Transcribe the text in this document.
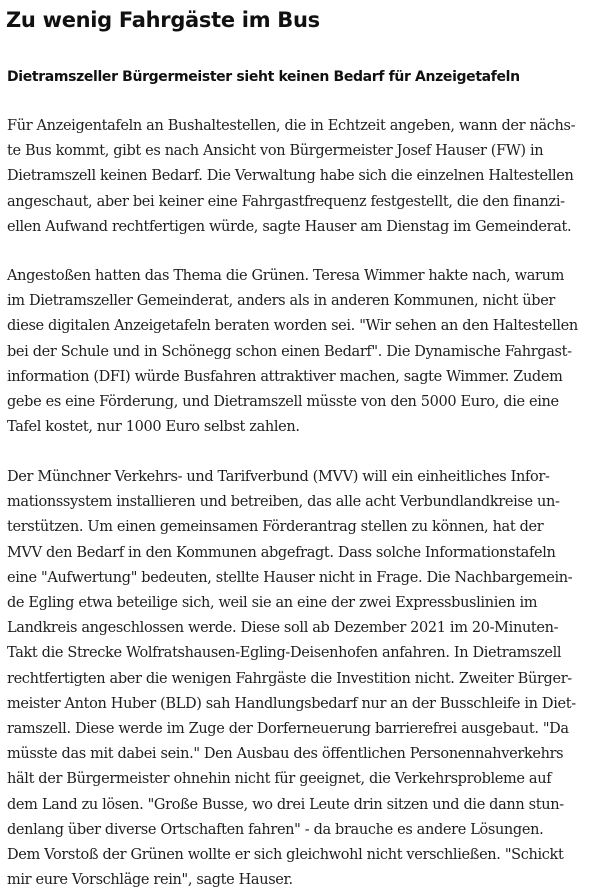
Zu wenig Fahrgäste im Bus
Dietramszeller Bürgermeister sieht keinen Bedarf für Anzeigetafeln
Für Anzeigentafeln an Bushaltestellen, die in Echtzeit angeben, wann der nächs-
te Bus kommt, gibt es nach Ansicht von Bürgermeister Josef Hauser (FW) in
Dietramszell keinen Bedarf. Die Verwaltung habe sich die einzelnen Haltestellen
angeschaut, aber bei keiner eine Fahrgastfrequenz festgestellt, die den finanzi-
ellen Aufwand rechtfertigen würde, sagte Hauser am Dienstag im Gemeinderat.
Angestoßen hatten das Thema die Grünen. Teresa Wimmer hakte nach, warum
im Dietramszeller Gemeinderat, anders als in anderen Kommunen, nicht über
diese digitalen Anzeigetafeln beraten worden sei. "Wir sehen an den Haltestellen
bei der Schule und in Schönegg schon einen Bedarf". Die Dynamische Fahrgast-
information (DFI) würde Busfahren attraktiver machen, sagte Wimmer. Zudem
gebe es eine Förderung, und Dietramszell müsste von den 5000 Euro, die eine
Tafel kostet, nur 1000 Euro selbst zahlen.
Der Münchner Verkehrs- und Tarifverbund (MVV) will ein einheitliches Infor-
mationssystem installieren und betreiben, das alle acht Verbundlandkreise un-
terstützen. Um einen gemeinsamen Förderantrag stellen zu können, hat der
MVV den Bedarf in den Kommunen abgefragt. Dass solche Informationstafeln
eine "Aufwertung" bedeuten, stellte Hauser nicht in Frage. Die Nachbargemein-
de Egling etwa beteilige sich, weil sie an eine der zwei Expressbuslinien im
Landkreis angeschlossen werde. Diese soll ab Dezember 2021 im 20-Minuten-
Takt die Strecke Wolfratshausen-Egling-Deisenhofen anfahren. In Dietramszell
rechtfertigten aber die wenigen Fahrgäste die Investition nicht. Zweiter Bürger-
meister Anton Huber (BLD) sah Handlungsbedarf nur an der Busschleife in Diet-
ramszell. Diese werde im Zuge der Dorferneuerung barrierefrei ausgebaut. "Da
müsste das mit dabei sein." Den Ausbau des öffentlichen Personennahverkehrs
hält der Bürgermeister ohnehin nicht für geeignet, die Verkehrsprobleme auf
dem Land zu lösen. "Große Busse, wo drei Leute drin sitzen und die dann stun-
denlang über diverse Ortschaften fahren" - da brauche es andere Lösungen.
Dem Vorstoß der Grünen wollte er sich gleichwohl nicht verschließen. "Schickt
mir eure Vorschläge rein", sagte Hauser.
